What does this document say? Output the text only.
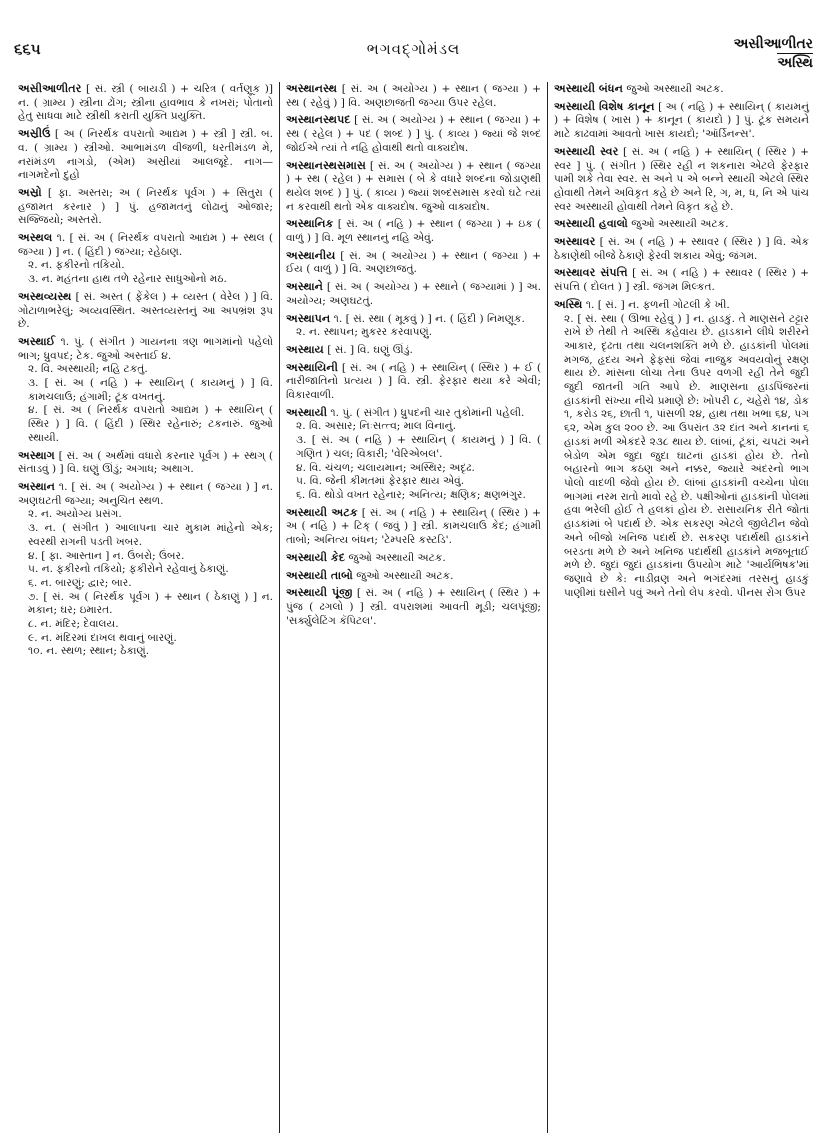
૬૬૫	ભગવદ્ગોમંડલ	અસીઆળીતર
અસ્થિ
અસીઆળીતર [ સં. સ્ત્રી ( બાયડી ) + ચરિત્ર ( વર્તણૂક )] ન. ( ગ્રામ્ય ) સ્ત્રીના ઢોંગ; સ્ત્રીના હાવભાવ કે નખરાં; પોતાનો હેતુ સાધવા માટે સ્ત્રીથી કરાતી યુક્તિ પ્રયુક્તિ.
અસ્રીઉં [ અ ( નિરર્થક વપરાતો આદ્યમ ) + સ્ત્રી ] સ્ત્રી. બ. વ. ( ગ્રામ્ય ) સ્ત્રીઓ. આભામંડળ વીજળી, ધરતીમંડળ મે, નરાંમંડળ નાગડો, (એમ) અસ્રીયાં આલજૂદે. નાગ—નાગમદેનો દુહો
અસ્રો [ ફા. અસ્તરા; અ ( નિરર્થક પૂર્વગ ) + સિતુરા ( હજામત કરનાર ) ] પું. હજામતનું લોઢાનું ઓજાર; સજ્જિયો; અસ્તરો.
અસ્થલ ૧. [ સં. અ ( નિરર્થક વપરાતો આદ્યમ ) + સ્થલ ( જગ્યા ) ] ન. ( હિંદી ) જગ્યા; રહેઠાણ.
૨. ન. ફકીરનો તકિયો.
૩. ન. મહંતના હાથ તળે રહેનાર સાધુઓનો મઠ.
અસ્થવ્યસ્થ [ સં. અસ્ત ( ફેંકેલ ) + વ્યસ્ત ( વેરેલ ) ] વિ. ગોટાળાભરેલું; અવ્યવસ્થિત. અસ્તવ્યસ્તનું આ અપભ્રંશ રૂપ છે.
અસ્થાઈ ૧. પું. ( સંગીત ) ગાયનના ત્રણ ભાગમાંનો પહેલો ભાગ; ધ્રુવપદ; ટેક. જુઓ અસ્તાઈ ૪.
૨. વિ. અસ્થાયી; નહિ ટકતું.
૩. [ સં. અ ( નહિ ) + સ્થાયિન્ ( કાયમનું ) ] વિ. કામચલાઉ; હંગામી; ટૂંક વખતનું.
૪. [ સં. અ ( નિરર્થક વપરાતો આદ્યમ ) + સ્થાયિન્ ( સ્થિર ) ] વિ. ( હિંદી ) સ્થિર રહેનારું; ટકનારું. જુઓ સ્થાયી.
અસ્થાગ [ સં. અ ( અર્થમાં વધારો કરનાર પૂર્વગ ) + સ્થગ્ ( સંતાડવું ) ] વિ. ઘણું ઊંડું; અગાધ; અથાગ.
અસ્થાન ૧. [ સં. અ ( અયોગ્ય ) + સ્થાન ( જગ્યા ) ] ન. અણઘટતી જગ્યા; અનુચિત સ્થળ.
૨. ન. અયોગ્ય પ્રસંગ.
૩. ન. ( સંગીત ) આલાપના ચાર મુકામ માંહેનો એક; સ્વરથી રાગની પડતી ખબર.
૪. [ ફા. આસ્તાન ] ન. ઉંબરો; ઉંબર.
૫. ન. ફકીરનો તકિયો; ફકીરોને રહેવાનું ઠેકાણું.
૬. ન. બારણું; દ્વાર; બાર.
૭. [ સં. અ ( નિરર્થક પૂર્વગ ) + સ્થાન ( ઠેકાણું ) ] ન. મકાન; ઘર; ઇમારત.
૮. ન. મંદિર; દેવાલય.
૯. ન. મંદિરમાં દાખલ થવાનું બારણું.
૧૦. ન. સ્થળ; સ્થાન; ઠેકાણું.
અસ્થાનસ્થ [ સં. અ ( અયોગ્ય ) + સ્થાન ( જગ્યા ) + સ્થ ( રહેવું ) ] વિ. અણછાજતી જગ્યા ઉપર રહેલ.
અસ્થાનસ્થપદ [ સં. અ ( અયોગ્ય ) + સ્થાન ( જગ્યા ) + સ્થ ( રહેલ ) + પદ ( શબ્દ ) ] પું. ( કાવ્ય ) જ્યાં જે શબ્દ જોઈએ ત્યાં તે નહિ હોવાથી થતો વાક્યદોષ.
અસ્થાનસ્થસમાસ [ સં. અ ( અયોગ્ય ) + સ્થાન ( જગ્યા ) + સ્થ ( રહેલ ) + સમાસ ( બે કે વધારે શબ્દના જોડાણથી થયેલ શબ્દ ) ] પું. ( કાવ્ય ) જ્યાં શબ્દસમાસ કરવો ઘટે ત્યાં ન કરવાથી થતો એક વાક્યદોષ. જુઓ વાક્યદોષ.
અસ્થાનિક [ સં. અ ( નહિ ) + સ્થાન ( જગ્યા ) + ઇક ( વાળું ) ] વિ. મૂળ સ્થાનનું નહિ એવું.
અસ્થાનીય [ સં. અ ( અયોગ્ય ) + સ્થાન ( જગ્યા ) + ઈય ( વાળું ) ] વિ. અણછાજતું.
અસ્થાને [ સં. અ ( અયોગ્ય ) + સ્થાને ( જગ્યામાં ) ] અ. અયોગ્ય; અણઘટતું.
અસ્થાપન ૧. [ સં. સ્થા ( મૂકવું ) ] ન. ( હિંદી ) નિમણૂક.
૨. ન. સ્થાપન; મુકરર કરવાપણું.
અસ્થાય [ સં. ] વિ. ઘણું ઊંડું.
અસ્થાયિની [ સં. અ ( નહિ ) + સ્થાયિન્ ( સ્થિર ) + ઈ ( નારીજાતિનો પ્રત્યય ) ] વિ. સ્ત્રી. ફેરફાર થયા કરે એવી; વિકારવાળી.
અસ્થાયી ૧. પું. ( સંગીત ) ધ્રુપદની ચાર તુકોમાંની પહેલી.
૨. વિ. અસાર; નિઃસત્ત્વ; માલ વિનાનું.
૩. [ સં. અ ( નહિ ) + સ્થાયિન્ ( કાયમનું ) ] વિ. ( ગણિત ) ચલ; વિકારી; 'વેરિએબલ'.
૪. વિ. ચંચળ; ચલાયમાન; અસ્થિર; અદૃઢ.
૫. વિ. જેની કીમતમાં ફેરફાર થાય એવું.
૬. વિ. થોડો વખત રહેનાર; અનિત્ય; ક્ષણિક; ક્ષણભંગુર.
અસ્થાયી અટક [ સં. અ ( નહિ ) + સ્થાયિન્ ( સ્થિર ) + અ ( નહિ ) + ટિક્ ( જવું ) ] સ્ત્રી. કામચલાઉ કેદ; હંગામી તાબો; અનિત્ય બંધન; 'ટેમ્પરરિ કસ્ટડિ'.
અસ્થાયી કેદ જુઓ અસ્થાયી અટક.
અસ્થાયી તાબો જુઓ અસ્થાયી અટક.
અસ્થાયી પૂંજી [ સં. અ ( નહિ ) + સ્થાયિન્ ( સ્થિર ) + પુંજ ( ઢગલો ) ] સ્ત્રી. વપરાશમાં આવતી મૂડી; ચલપૂંજી; 'સર્ક્યુલેટિંગ કૅપિટલ'.
અસ્થાયી બંધન જુઓ અસ્થાયી અટક.
અસ્થાયી વિશેષ કાનૂન [ અ ( નહિ ) + સ્થાયિન્ ( કાયમનું ) + વિશેષ ( ખાસ ) + કાનૂન ( કાયદો ) ] પું. ટૂંક સમયને માટે કાઢવામાં આવતો ખાસ કાયદો; 'ઑર્ડિનન્સ'.
અસ્થાયી સ્વર [ સં. અ ( નહિ ) + સ્થાયિન્ ( સ્થિર ) + સ્વર ] પું. ( સંગીત ) સ્થિર રહી ન શકનારા એટલે ફેરફાર પામી શકે તેવા સ્વર. સ અને પ એ બન્ને સ્થાયી એટલે સ્થિર હોવાથી તેમને અવિકૃત કહે છે અને રિ, ગ, મ, ધ, નિ એ પાંચ સ્વર અસ્થાયી હોવાથી તેમને વિકૃત કહે છે.
અસ્થાયી હવાલો જુઓ અસ્થાયી અટક.
અસ્થાવર [ સં. અ ( નહિ ) + સ્થાવર ( સ્થિર ) ] વિ. એક ઠેકાણેથી બીજે ઠેકાણે ફેરવી શકાય એવું; જંગમ.
અસ્થાવર સંપત્તિ [ સં. અ ( નહિ ) + સ્થાવર ( સ્થિર ) + સંપત્તિ ( દોલત ) ] સ્ત્રી. જંગમ મિલ્કત.
અસ્થિ ૧. [ સં. ] ન. ફળની ગોટલી કે ખી.
૨. [ સં. સ્થા ( ઊભા રહેવું ) ] ન. હાડકું. તે માણસને ટટ્ટાર રાખે છે તેથી તે અસ્થિ કહેવાય છે. હાડકાને લીધે શરીરને આકાર, દૃઢતા તથા ચલનશક્તિ મળે છે. હાડકાંની પોલમાં મગજ, હૃદય અને ફેફસાં જેવાં નાજુક અવયવોનું રક્ષણ થાય છે. માંસના લોચા તેના ઉપર વળગી રહી તેને જુદી જુદી જાતની ગતિ આપે છે. માણસના હાડપિંજરનાં હાડકાંની સંખ્યા નીચે પ્રમાણે છે: ખોપરી ૮, ચહેરો ૧૪, ડોક ૧, કરોડ ૨૬, છાતી ૧, પાંસળી ૨૪, હાથ તથા ખભા ૬૪, પગ ૬૨, એમ કુલ ૨૦૦ છે. આ ઉપરાંત ૩૨ દાંત અને કાનનાં ૬ હાડકાં મળી એકંદરે ૨૩૮ થાય છે. લાંબાં, ટૂંકાં, ચપટાં અને બેડોળ એમ જુદા જુદા ઘાટનાં હાડકાં હોય છે. તેનો બહારનો ભાગ કઠણ અને નક્કર, જ્યારે અંદરનો ભાગ પોલો વાદળી જેવો હોય છે. લાંબાં હાડકાંની વચ્ચેના પોલા ભાગમાં નરમ રાતો માવો રહે છે. પક્ષીઓનાં હાડકાંની પોલમાં હવા ભરેલી હોઈ તે હલકાં હોય છે. રાસાયનિક રીતે જોતાં હાડકાંમાં બે પદાર્થ છે. એક સકરણ એટલે જીલેટીન જેવો અને બીજો ખનિજ પદાર્થ છે. સકરણ પદાર્થથી હાડકાંને બરડતા મળે છે અને ખનિજ પદાર્થથી હાડકાંને મજબૂતાઈ મળે છે. જુદાં જુદાં હાડકાંના ઉપયોગ માટે 'આર્યભિષક'માં જણાવે છે કે: નાડીવ્રણ અને ભગંદરમાં તરસનું હાડકું પાણીમાં ઘસીને પવું અને તેનો લેપ કરવો. પીનસ રોગ ઉપર
